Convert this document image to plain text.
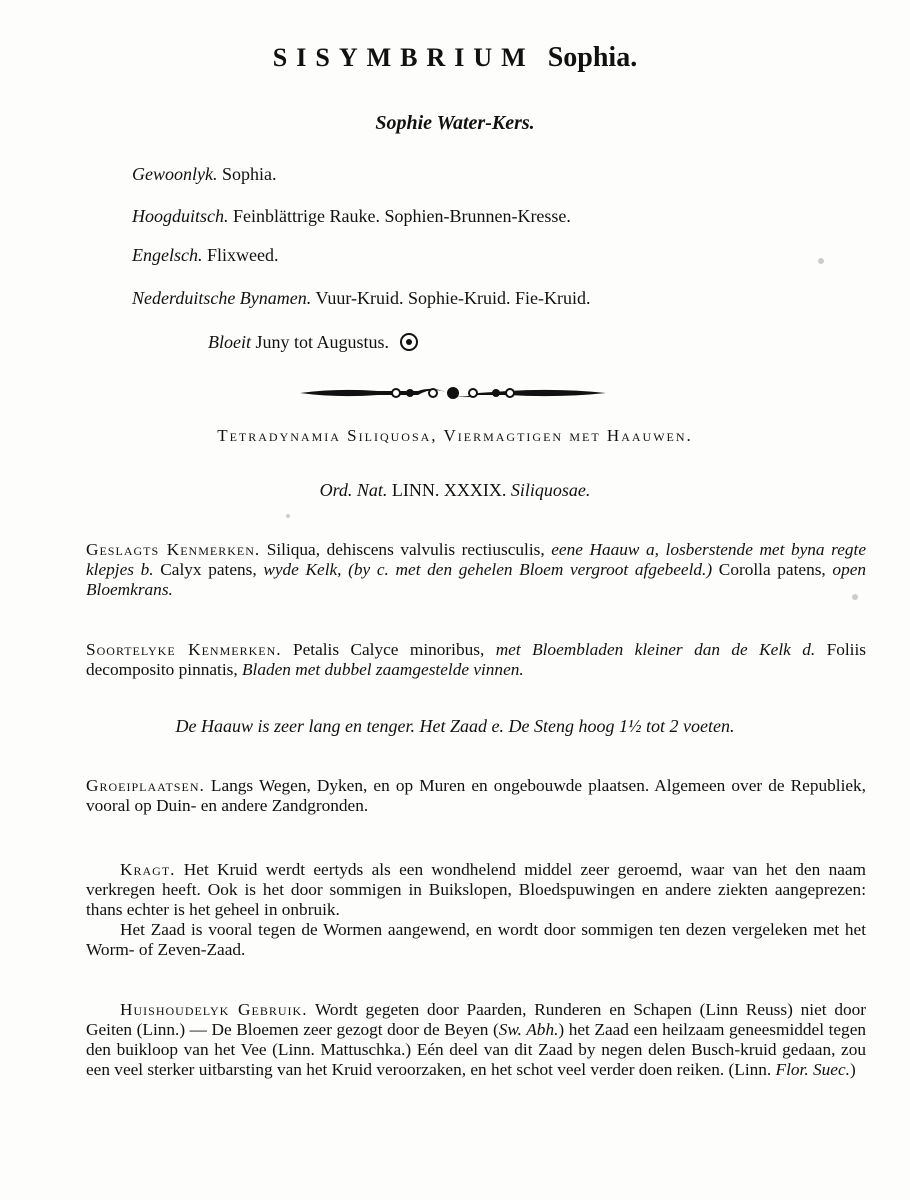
SISYMBRIUM Sophia.
Sophie Water-Kers.
Gewoonlyk. Sophia.
Hoogduitsch. Feinblättrige Rauke. Sophien-Brunnen-Kresse.
Engelsch. Flixweed.
Nederduitsche Bynamen. Vuur-Kruid. Sophie-Kruid. Fie-Kruid.
Bloeit Juny tot Augustus.
Tetradynamia Siliquosa, Viermagtigen met Haauwen.
Ord. Nat. LINN. XXXIX. Siliquosae.
Geslagts Kenmerken. Siliqua, dehiscens valvulis rectiusculis, eene Haauw a, losberstende met byna regte klepjes b. Calyx patens, wyde Kelk, (by c. met den gehelen Bloem vergroot afgebeeld.) Corolla patens, open Bloemkrans.
Soortelyke Kenmerken. Petalis Calyce minoribus, met Bloembladen kleiner dan de Kelk d. Foliis decomposito pinnatis, Bladen met dubbel zaamgestelde vinnen.
De Haauw is zeer lang en tenger. Het Zaad e. De Steng hoog 1½ tot 2 voeten.
Groeiplaatsen. Langs Wegen, Dyken, en op Muren en ongebouwde plaatsen. Algemeen over de Republiek, vooral op Duin- en andere Zandgronden.
Kragt. Het Kruid werdt eertyds als een wondhelend middel zeer geroemd, waar van het den naam verkregen heeft. Ook is het door sommigen in Buikslopen, Bloedspuwingen en andere ziekten aangeprezen: thans echter is het geheel in onbruik.
Het Zaad is vooral tegen de Wormen aangewend, en wordt door sommigen ten dezen vergeleken met het Worm- of Zeven-Zaad.
Huishoudelyk Gebruik. Wordt gegeten door Paarden, Runderen en Schapen (Linn Reuss) niet door Geiten (Linn.) — De Bloemen zeer gezogt door de Beyen (Sw. Abh.) het Zaad een heilzaam geneesmiddel tegen den buikloop van het Vee (Linn. Mattuschka.) Eén deel van dit Zaad by negen delen Busch-kruid gedaan, zou een veel sterker uitbarsting van het Kruid veroorzaken, en het schot veel verder doen reiken. (Linn. Flor. Suec.)
